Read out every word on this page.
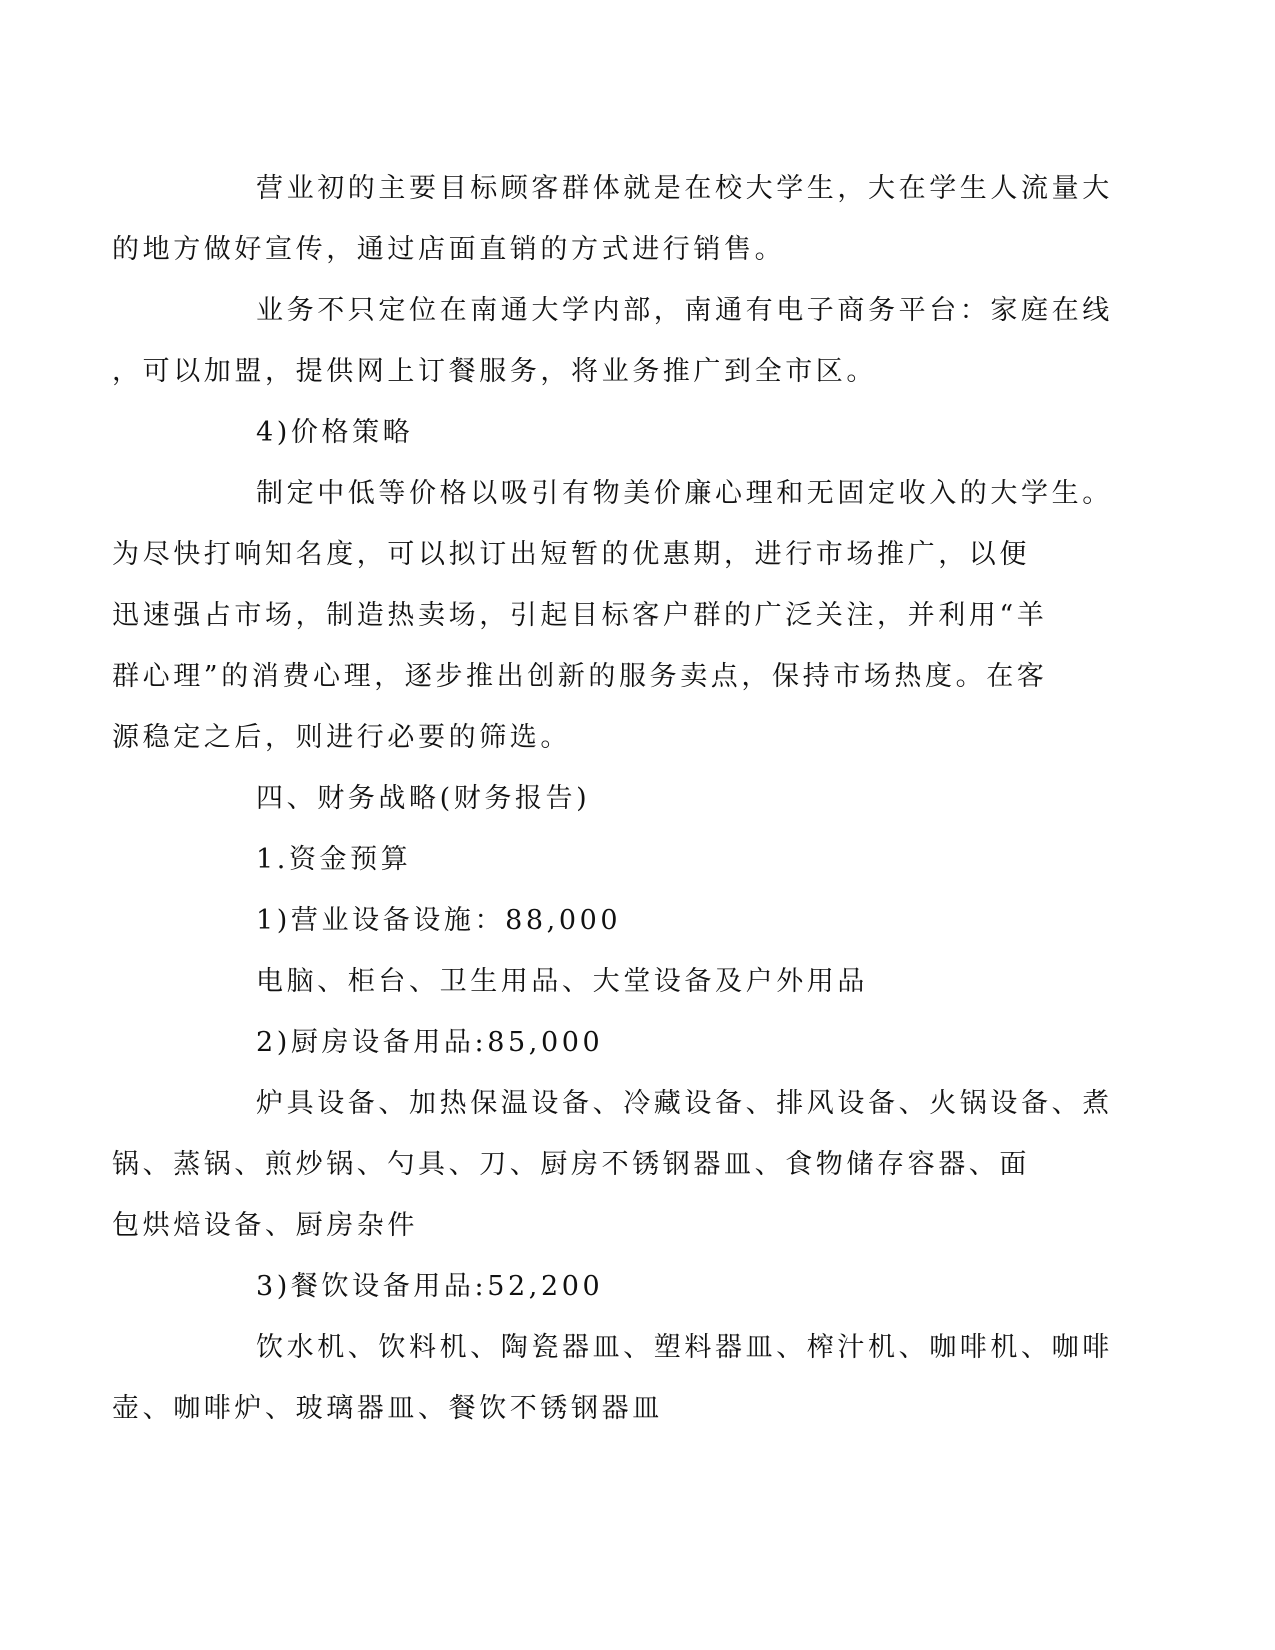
营业初的主要目标顾客群体就是在校大学生，大在学生人流量大
的地方做好宣传，通过店面直销的方式进行销售。

业务不只定位在南通大学内部，南通有电子商务平台：家庭在线
，可以加盟，提供网上订餐服务，将业务推广到全市区。

4)价格策略

制定中低等价格以吸引有物美价廉心理和无固定收入的大学生。
为尽快打响知名度，可以拟订出短暂的优惠期，进行市场推广，以便
迅速强占市场，制造热卖场，引起目标客户群的广泛关注，并利用“羊
群心理”的消费心理，逐步推出创新的服务卖点，保持市场热度。在客
源稳定之后，则进行必要的筛选。

四、财务战略(财务报告)

1.资金预算

1)营业设备设施：88,000

电脑、柜台、卫生用品、大堂设备及户外用品

2)厨房设备用品:85,000

炉具设备、加热保温设备、冷藏设备、排风设备、火锅设备、煮
锅、蒸锅、煎炒锅、勺具、刀、厨房不锈钢器皿、食物储存容器、面
包烘焙设备、厨房杂件

3)餐饮设备用品:52,200

饮水机、饮料机、陶瓷器皿、塑料器皿、榨汁机、咖啡机、咖啡
壶、咖啡炉、玻璃器皿、餐饮不锈钢器皿
